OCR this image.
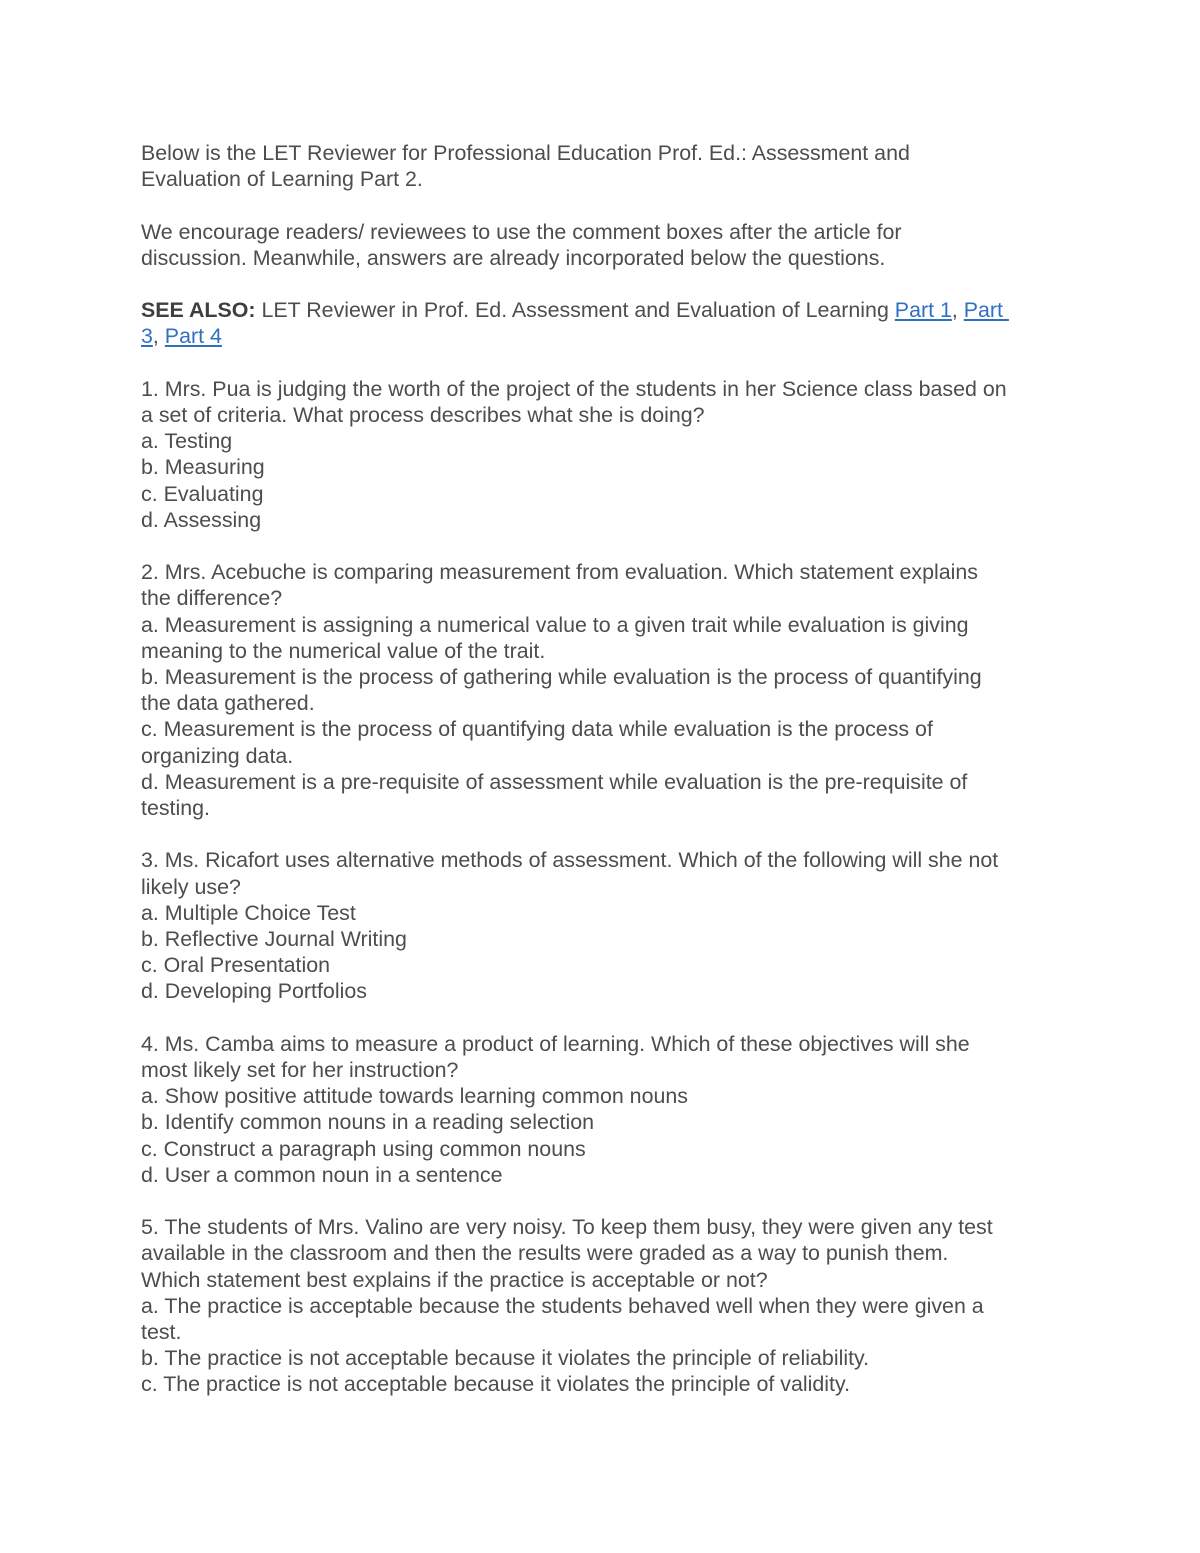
Below is the LET Reviewer for Professional Education Prof. Ed.: Assessment and
Evaluation of Learning Part 2.
We encourage readers/ reviewees to use the comment boxes after the article for
discussion. Meanwhile, answers are already incorporated below the questions.
SEE ALSO: LET Reviewer in Prof. Ed. Assessment and Evaluation of Learning Part 1, Part
3, Part 4
1. Mrs. Pua is judging the worth of the project of the students in her Science class based on
a set of criteria. What process describes what she is doing?
a. Testing
b. Measuring
c. Evaluating
d. Assessing
2. Mrs. Acebuche is comparing measurement from evaluation. Which statement explains
the difference?
a. Measurement is assigning a numerical value to a given trait while evaluation is giving
meaning to the numerical value of the trait.
b. Measurement is the process of gathering while evaluation is the process of quantifying
the data gathered.
c. Measurement is the process of quantifying data while evaluation is the process of
organizing data.
d. Measurement is a pre-requisite of assessment while evaluation is the pre-requisite of
testing.
3. Ms. Ricafort uses alternative methods of assessment. Which of the following will she not
likely use?
a. Multiple Choice Test
b. Reflective Journal Writing
c. Oral Presentation
d. Developing Portfolios
4. Ms. Camba aims to measure a product of learning. Which of these objectives will she
most likely set for her instruction?
a. Show positive attitude towards learning common nouns
b. Identify common nouns in a reading selection
c. Construct a paragraph using common nouns
d. User a common noun in a sentence
5. The students of Mrs. Valino are very noisy. To keep them busy, they were given any test
available in the classroom and then the results were graded as a way to punish them.
Which statement best explains if the practice is acceptable or not?
a. The practice is acceptable because the students behaved well when they were given a
test.
b. The practice is not acceptable because it violates the principle of reliability.
c. The practice is not acceptable because it violates the principle of validity.
